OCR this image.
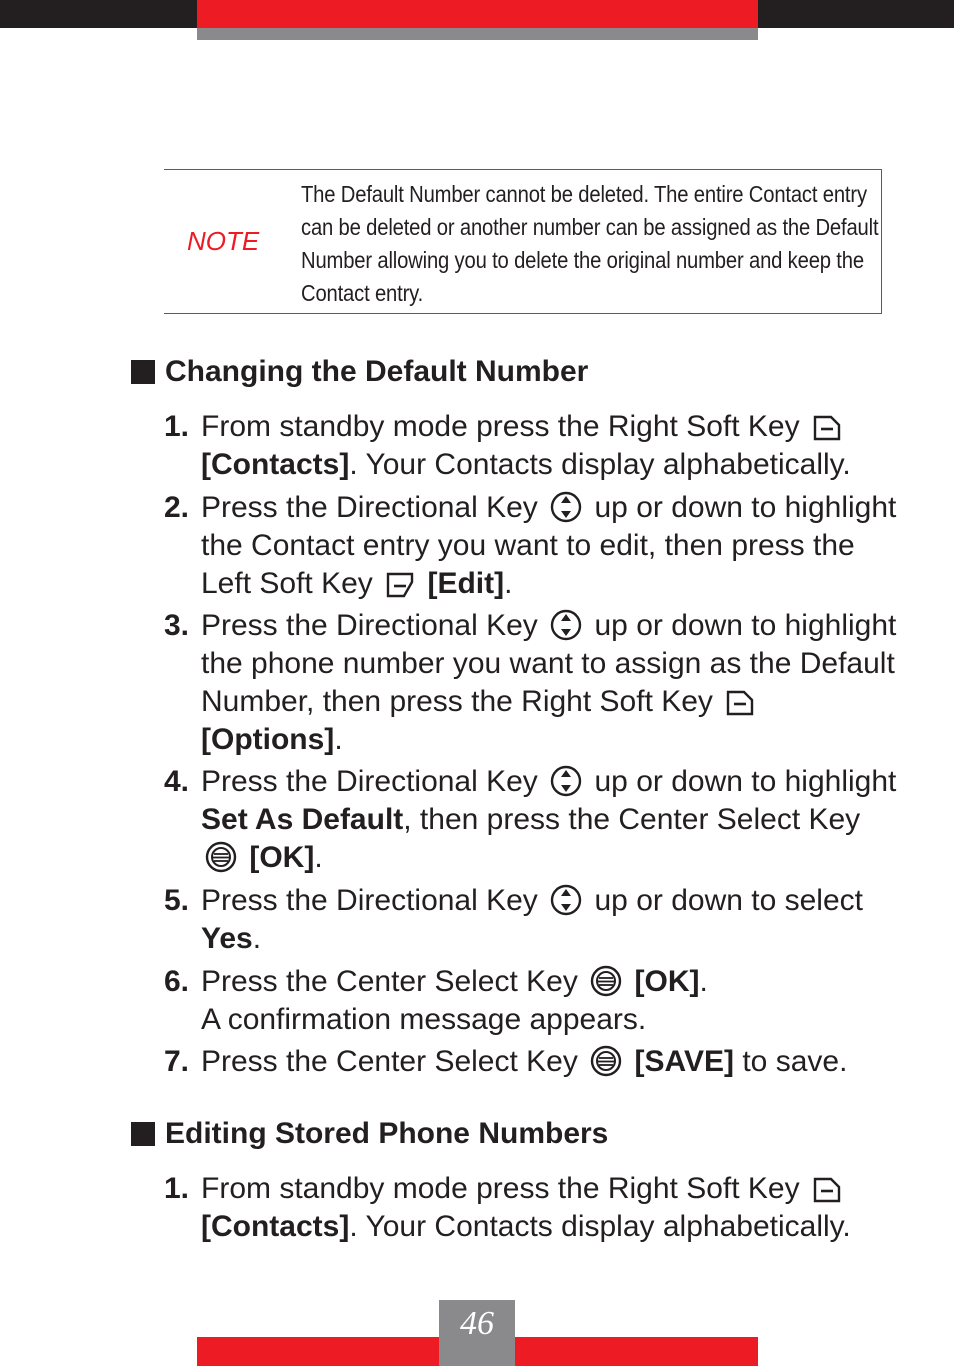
NOTE
The Default Number cannot be deleted. The entire Contact entry can be deleted or another number can be assigned as the Default Number allowing you to delete the original number and keep the Contact entry.
Changing the Default Number
1. From standby mode press the Right Soft Key
[Contacts]. Your Contacts display alphabetically.
2. Press the Directional Key up or down to highlight the Contact entry you want to edit, then press the Left Soft Key [Edit].
3. Press the Directional Key up or down to highlight the phone number you want to assign as the Default Number, then press the Right Soft Key  [Options].
4. Press the Directional Key up or down to highlight Set As Default, then press the Center Select Key  [OK].
5. Press the Directional Key up or down to select Yes.
6. Press the Center Select Key [OK].
A confirmation message appears.
7. Press the Center Select Key [SAVE] to save.
Editing Stored Phone Numbers
1. From standby mode press the Right Soft Key
[Contacts]. Your Contacts display alphabetically.
46
